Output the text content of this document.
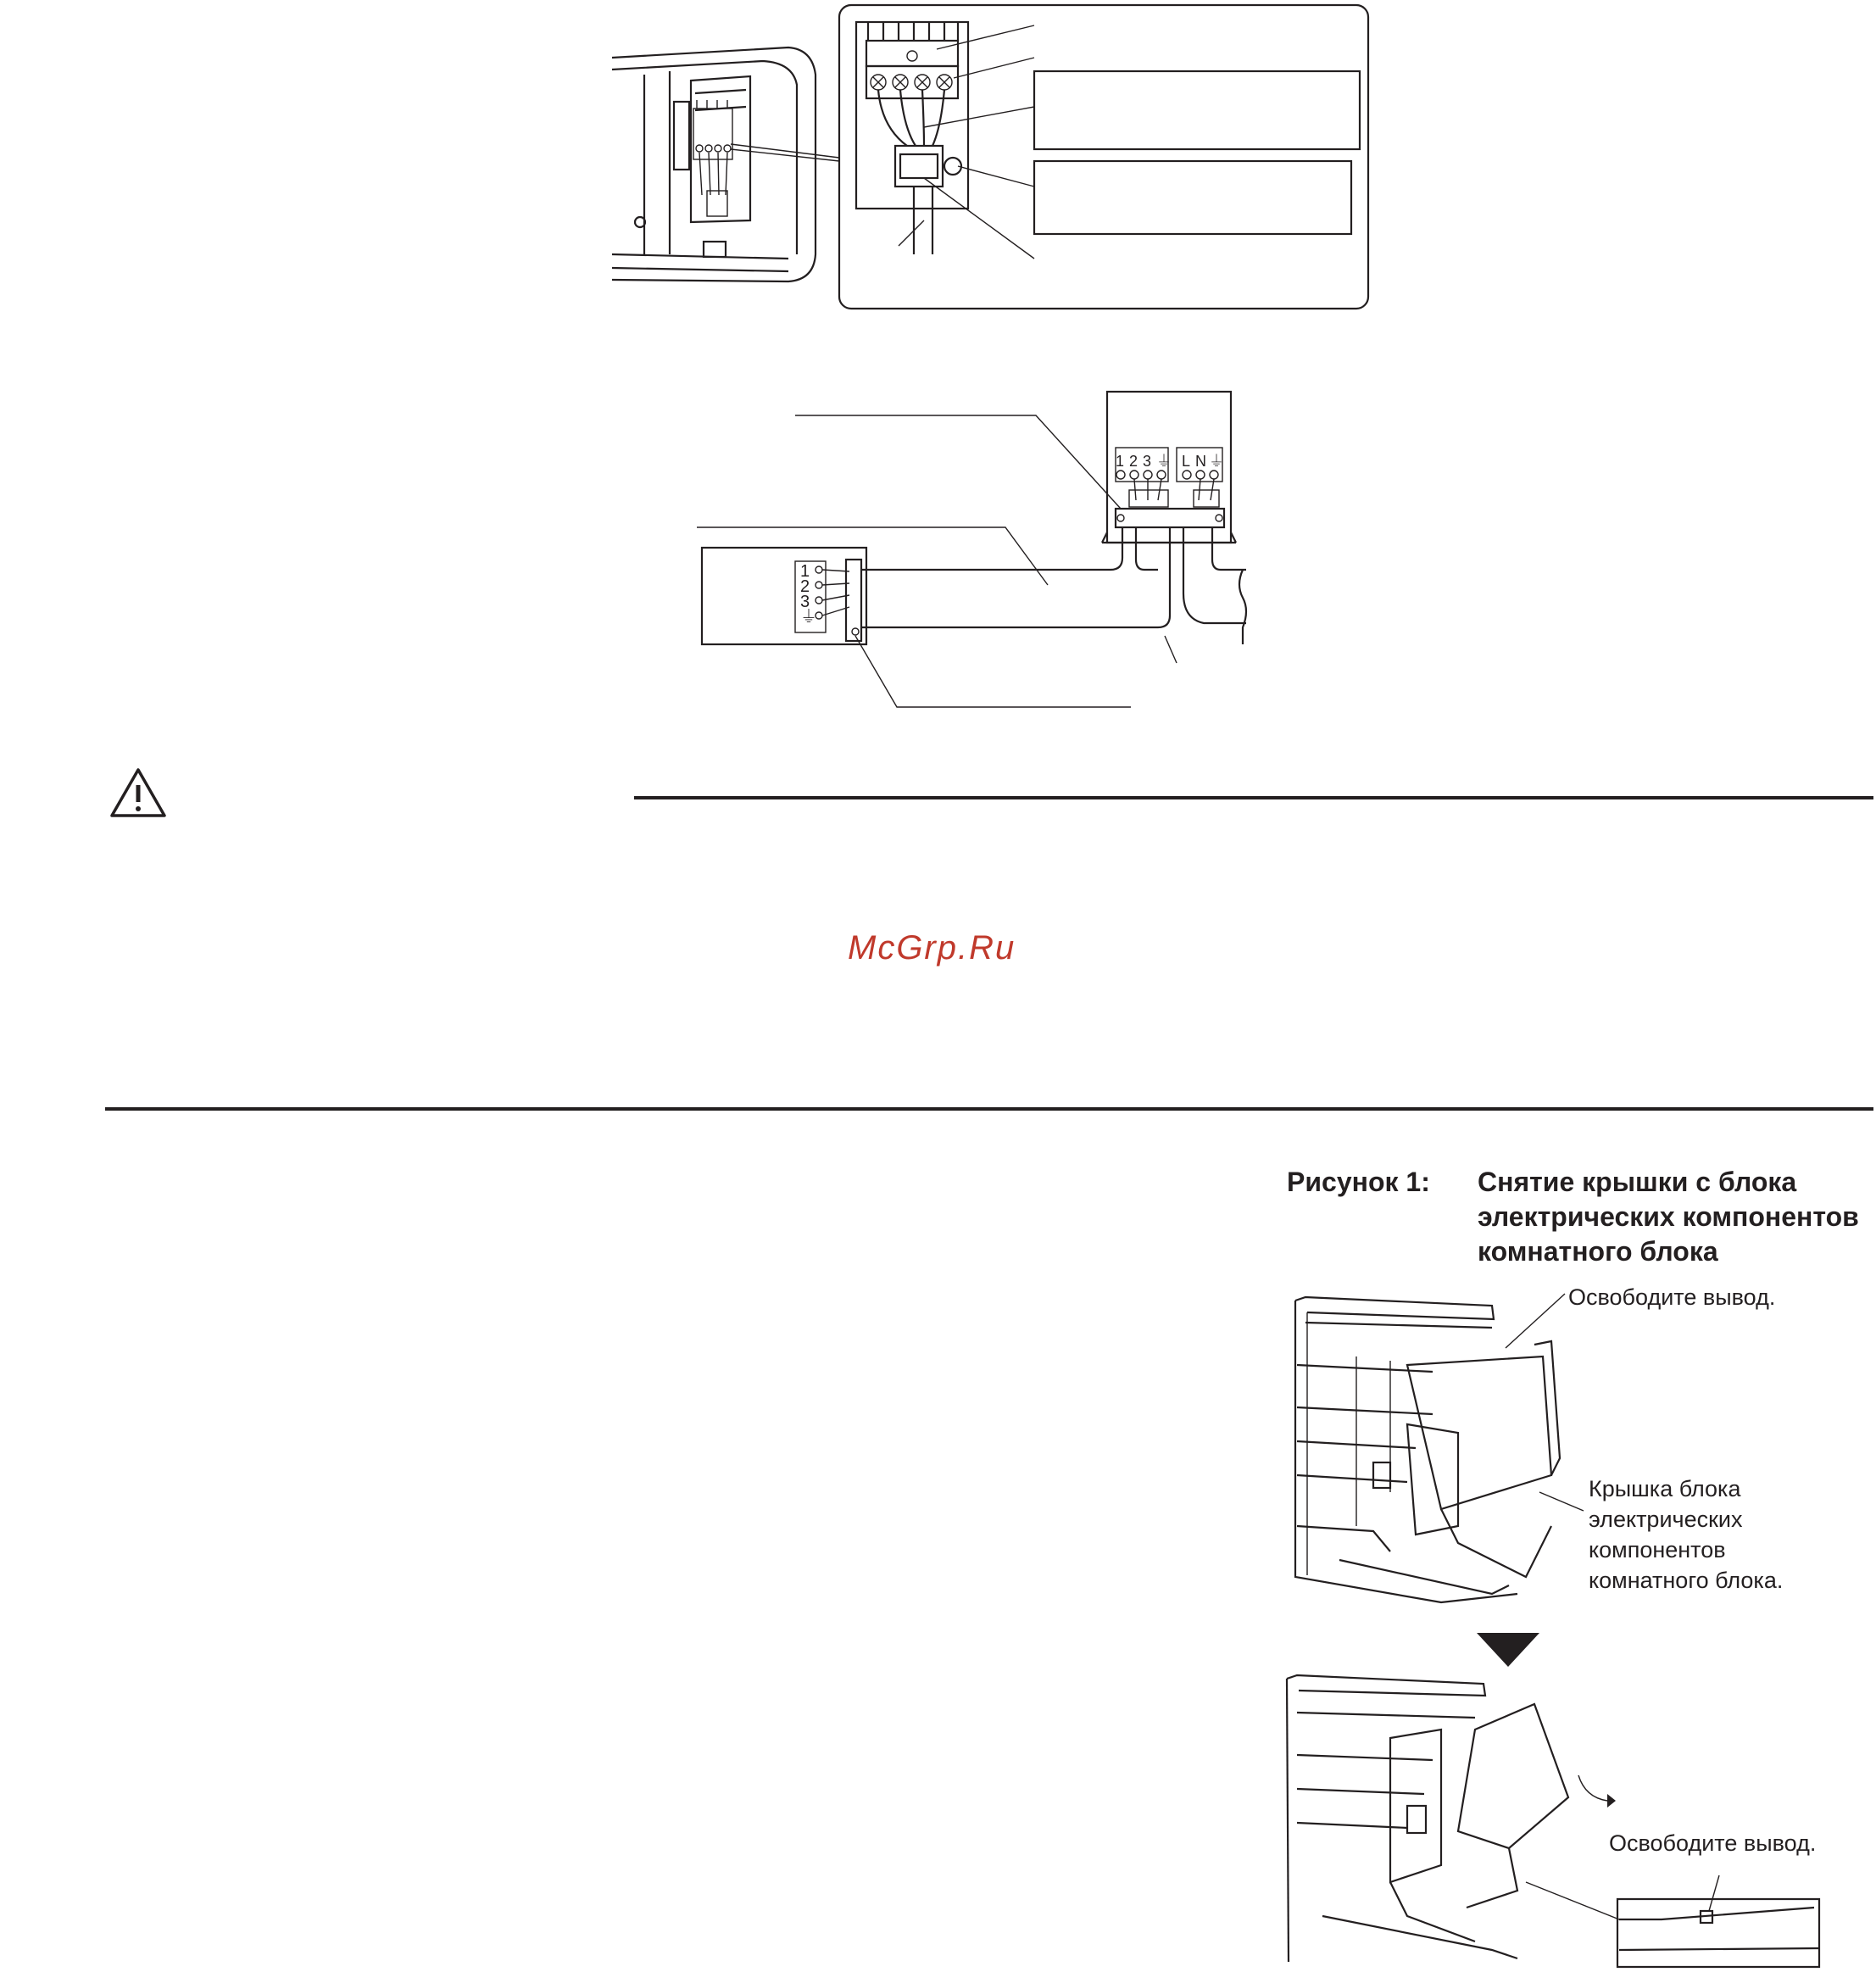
1
2
3
⏚
1 2 3 ⏚ L N ⏚
McGrp.Ru
Рисунок 1: Снятие крышки с блока
электрических компонентов
комнатного блока
Освободите вывод.
Крышка блока
электрических
компонентов
комнатного блока.
Освободите вывод.
